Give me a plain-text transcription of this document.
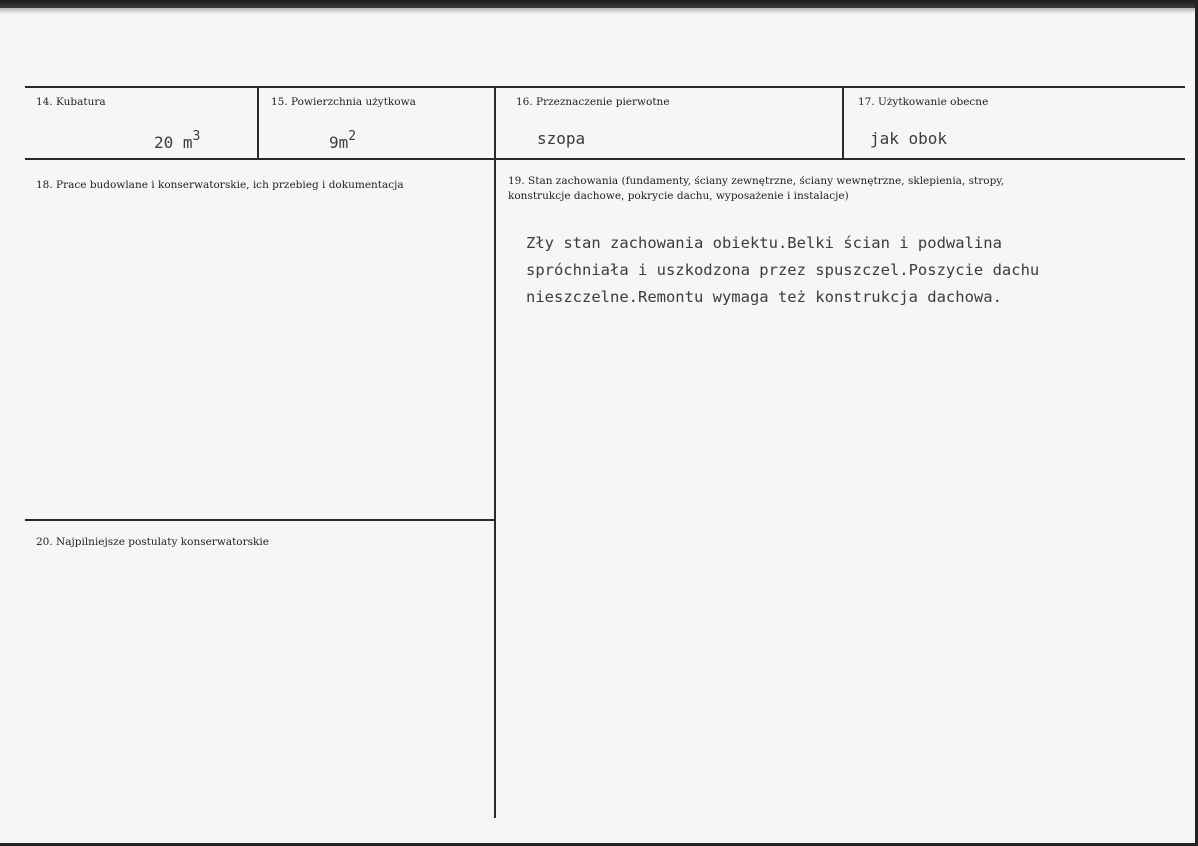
14. Kubatura
20 $m^3$
15. Powierzchnia użytkowa
$9m^2$
16. Przeznaczenie pierwotne
szopa
17. Użytkowanie obecne
jak obok
18. Prace budowlane i konserwatorskie, ich przebieg i dokumentacja	19. Stan zachowania (fundamenty, ściany zewnętrzne, ściany wewnętrzne, sklepienia, stropy,
konstrukcje dachowe, pokrycie dachu, wyposażenie i instalacje)
Zły stan zachowania obiektu.Belki ścian i podwalina
spróchniała i uszkodzona przez spuszczel.Poszycie dachu
nieszczelne.Remontu wymaga też konstrukcja dachowa.
20. Najpilniejsze postulaty konserwatorskie
